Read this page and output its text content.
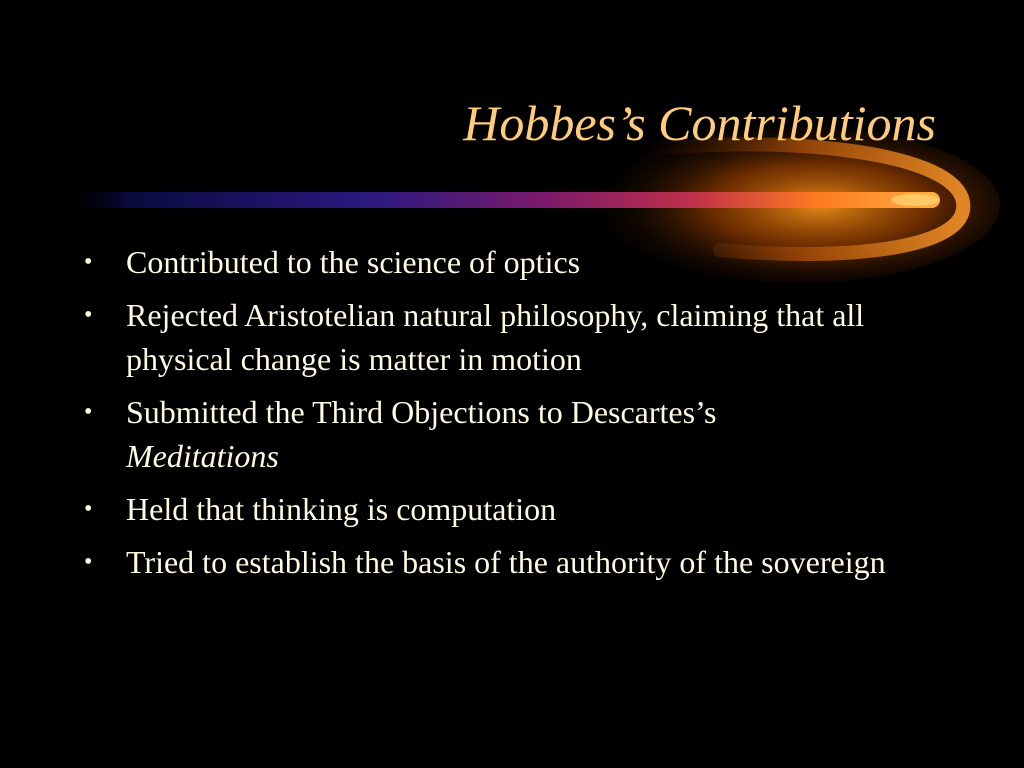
Hobbes’s Contributions
•	Contributed to the science of optics
•	Rejected Aristotelian natural philosophy, claiming that all physical change is matter in motion
•	Submitted the Third Objections to Descartes’s
Meditations
•	Held that thinking is computation
•	Tried to establish the basis of the authority of the sovereign
